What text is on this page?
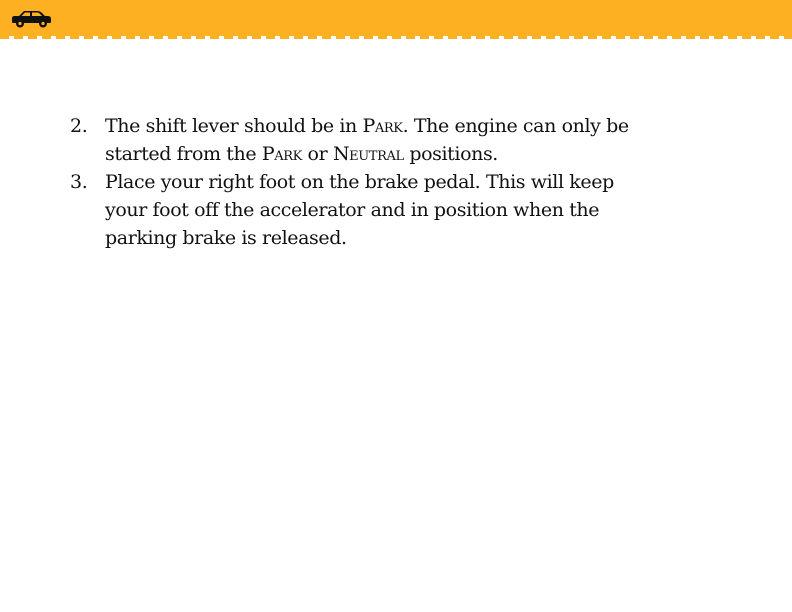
2. The shift lever should be in Park. The engine can only be started from the Park or Neutral positions.
3. Place your right foot on the brake pedal. This will keep your foot off the accelerator and in position when the parking brake is released.
